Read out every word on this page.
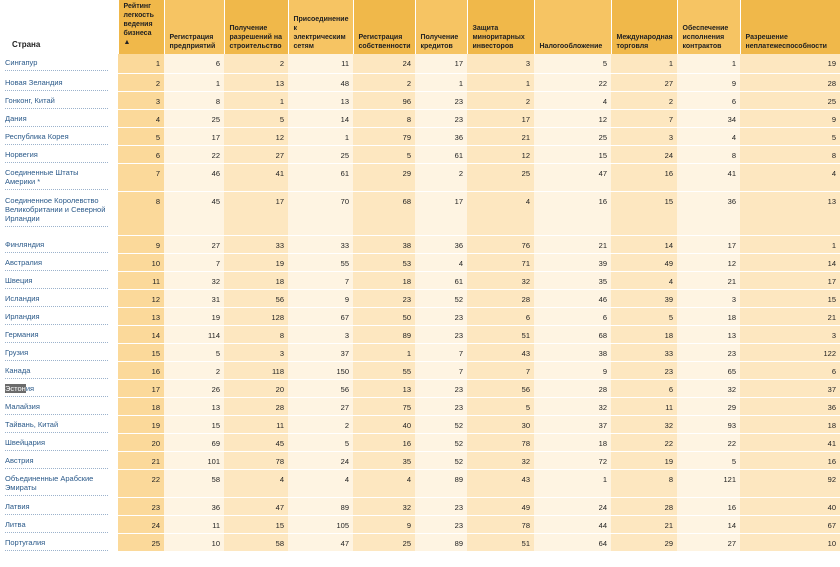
Страна	Рейтинг легкость ведения бизнеса ▲	Регистрация предприятий	Получение разрешений на строительство	Присоединение к электрическим сетям	Регистрация собственности	Получение кредитов	Защита миноритарных инвесторов	Налогообложение	Международная торговля	Обеспечение исполнения контрактов	Разрешение неплатежеспособности

Сингапур	1	6	2	11	24	17	3	5	1	1	19

Новая Зеландия	2	1	13	48	2	1	1	22	27	9	28

Гонконг, Китай	3	8	1	13	96	23	2	4	2	6	25

Дания	4	25	5	14	8	23	17	12	7	34	9

Республика Корея	5	17	12	1	79	36	21	25	3	4	5

Норвегия	6	22	27	25	5	61	12	15	24	8	8

Соединенные Штаты Америки *	7	46	41	61	29	2	25	47	16	41	4

Соединенное Королевство Великобритании и Северной Ирландии	8	45	17	70	68	17	4	16	15	36	13

Финляндия	9	27	33	33	38	36	76	21	14	17	1

Австралия	10	7	19	55	53	4	71	39	49	12	14

Швеция	11	32	18	7	18	61	32	35	4	21	17

Исландия	12	31	56	9	23	52	28	46	39	3	15

Ирландия	13	19	128	67	50	23	6	6	5	18	21

Германия	14	114	8	3	89	23	51	68	18	13	3

Грузия	15	5	3	37	1	7	43	38	33	23	122

Канада	16	2	118	150	55	7	7	9	23	65	6

Эстония	17	26	20	56	13	23	56	28	6	32	37

Малайзия	18	13	28	27	75	23	5	32	11	29	36

Тайвань, Китай	19	15	11	2	40	52	30	37	32	93	18

Швейцария	20	69	45	5	16	52	78	18	22	22	41

Австрия	21	101	78	24	35	52	32	72	19	5	16

Объединенные Арабские Эмираты	22	58	4	4	4	89	43	1	8	121	92

Латвия	23	36	47	89	32	23	49	24	28	16	40

Литва	24	11	15	105	9	23	78	44	21	14	67

Португалия	25	10	58	47	25	89	51	64	29	27	10
